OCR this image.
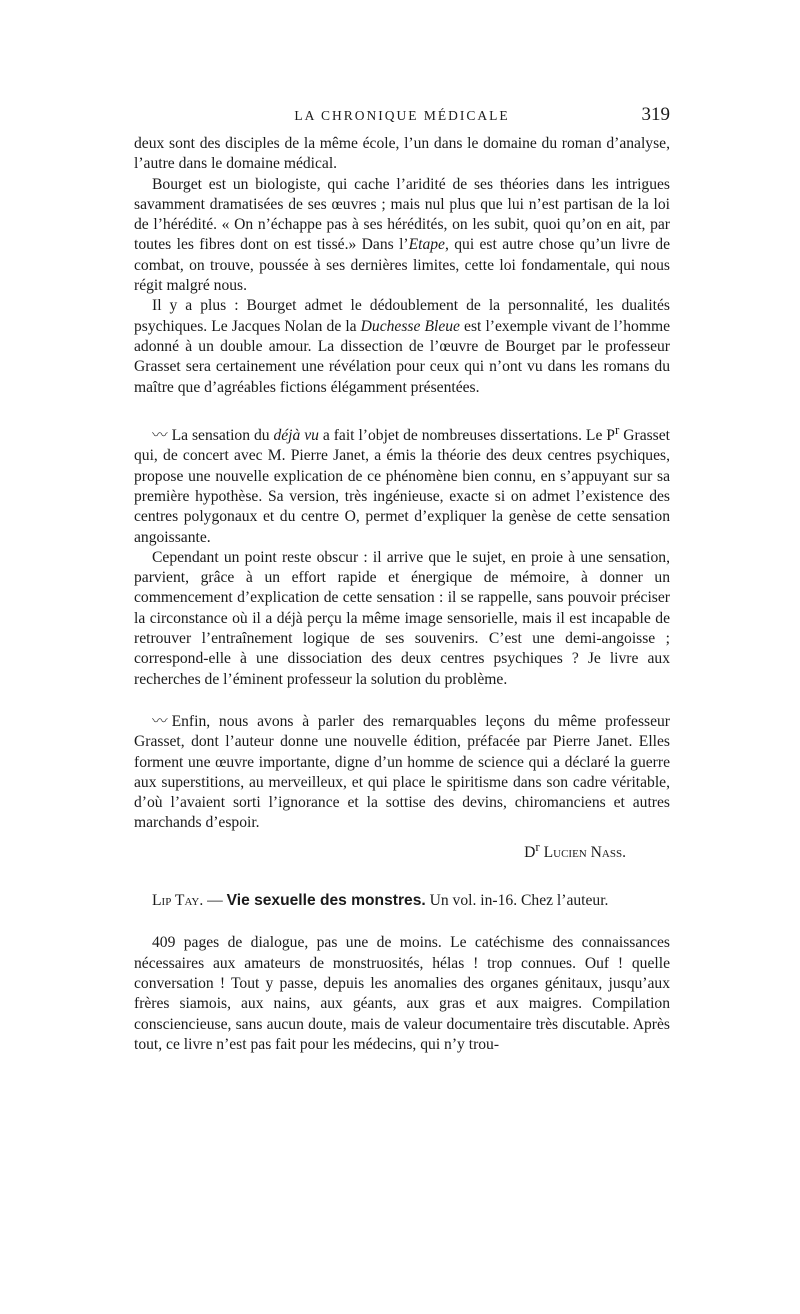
LA CHRONIQUE MÉDICALE	319

deux sont des disciples de la même école, l’un dans le domaine du roman d’analyse, l’autre dans le domaine médical.

Bourget est un biologiste, qui cache l’aridité de ses théories dans les intrigues savamment dramatisées de ses œuvres ; mais nul plus que lui n’est partisan de la loi de l’hérédité. « On n’échappe pas à ses hérédités, on les subit, quoi qu’on en ait, par toutes les fibres dont on est tissé.» Dans l’Etape, qui est autre chose qu’un livre de combat, on trouve, poussée à ses dernières limites, cette loi fondamentale, qui nous régit malgré nous.

Il y a plus : Bourget admet le dédoublement de la personnalité, les dualités psychiques. Le Jacques Nolan de la Duchesse Bleue est l’exemple vivant de l’homme adonné à un double amour. La dissection de l’œuvre de Bourget par le professeur Grasset sera certainement une révélation pour ceux qui n’ont vu dans les romans du maître que d’agréables fictions élégamment présentées.

〰 La sensation du déjà vu a fait l’objet de nombreuses dissertations. Le $P^r$ Grasset qui, de concert avec M. Pierre Janet, a émis la théorie des deux centres psychiques, propose une nouvelle explication de ce phénomène bien connu, en s’appuyant sur sa première hypothèse. Sa version, très ingénieuse, exacte si on admet l’existence des centres polygonaux et du centre O, permet d’expliquer la genèse de cette sensation angoissante.

Cependant un point reste obscur : il arrive que le sujet, en proie à une sensation, parvient, grâce à un effort rapide et énergique de mémoire, à donner un commencement d’explication de cette sensation : il se rappelle, sans pouvoir préciser la circonstance où il a déjà perçu la même image sensorielle, mais il est incapable de retrouver l’entraînement logique de ses souvenirs. C’est une demi-angoisse ; correspond-elle à une dissociation des deux centres psychiques ? Je livre aux recherches de l’éminent professeur la solution du problème.

〰 Enfin, nous avons à parler des remarquables leçons du même professeur Grasset, dont l’auteur donne une nouvelle édition, préfacée par Pierre Janet. Elles forment une œuvre importante, digne d’un homme de science qui a déclaré la guerre aux superstitions, au merveilleux, et qui place le spiritisme dans son cadre véritable, d’où l’avaient sorti l’ignorance et la sottise des devins, chiromanciens et autres marchands d’espoir.

$D^r$ Lucien Nass.

Lip Tay. — Vie sexuelle des monstres. Un vol. in-16. Chez l’auteur.

409 pages de dialogue, pas une de moins. Le catéchisme des connaissances nécessaires aux amateurs de monstruosités, hélas ! trop connues. Ouf ! quelle conversation ! Tout y passe, depuis les anomalies des organes génitaux, jusqu’aux frères siamois, aux nains, aux géants, aux gras et aux maigres. Compilation consciencieuse, sans aucun doute, mais de valeur documentaire très discutable. Après tout, ce livre n’est pas fait pour les médecins, qui n’y trou-
